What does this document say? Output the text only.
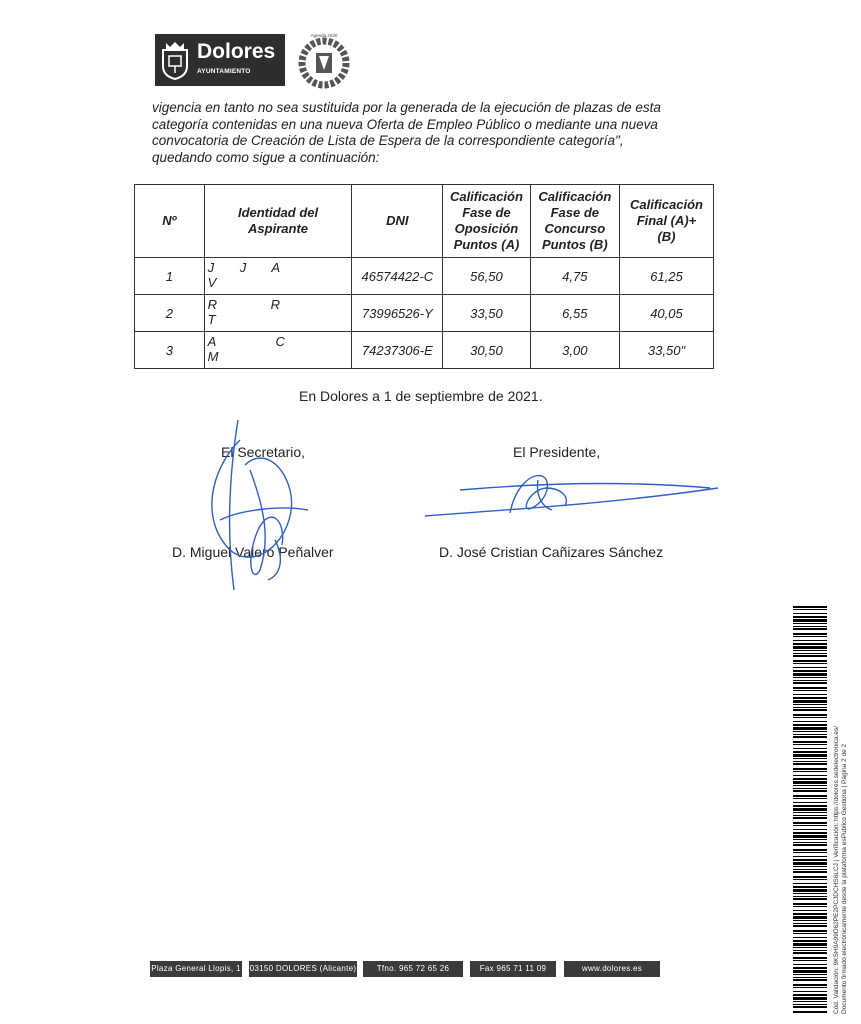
Dolores
AYUNTAMIENTO
Agenda 2030

vigencia en tanto no sea sustituida por la generada de la ejecución de plazas de esta

categoría contenidas en una nueva Oferta de Empleo Público o mediante una nueva

convocatoria de Creación de Lista de Espera de la correspondiente categoría",

quedando como sigue a continuación:

Nº	Identidad del Aspirante	DNI	Calificación Fase de Oposición Puntos (A)	Calificación Fase de Concurso Puntos (B)	Calificación Final (A)+(B)
1	J J A
V	46574422-C	56,50	4,75	61,25
2	R R
T	73996526-Y	33,50	6,55	40,05
3	A C
M	74237306-E	30,50	3,00	33,50"
En Dolores a 1 de septiembre de 2021.
El Secretario,
D. Miguel Valero Peñalver
El Presidente,
D. José Cristian Cañizares Sánchez
Plaza General Llopis, 1 03150 DOLORES (Alicante)	Tfno. 965 72 65 26	Fax 965 71 11 09	www.dolores.es	Cód. Validación: 9KSH9A99D62PE2PCJDCHS6LCJ | Verificación: https://dolores.sedelectronica.es/ Documento firmado electrónicamente desde la plataforma esPublico Gestiona | Página 2 de 2
